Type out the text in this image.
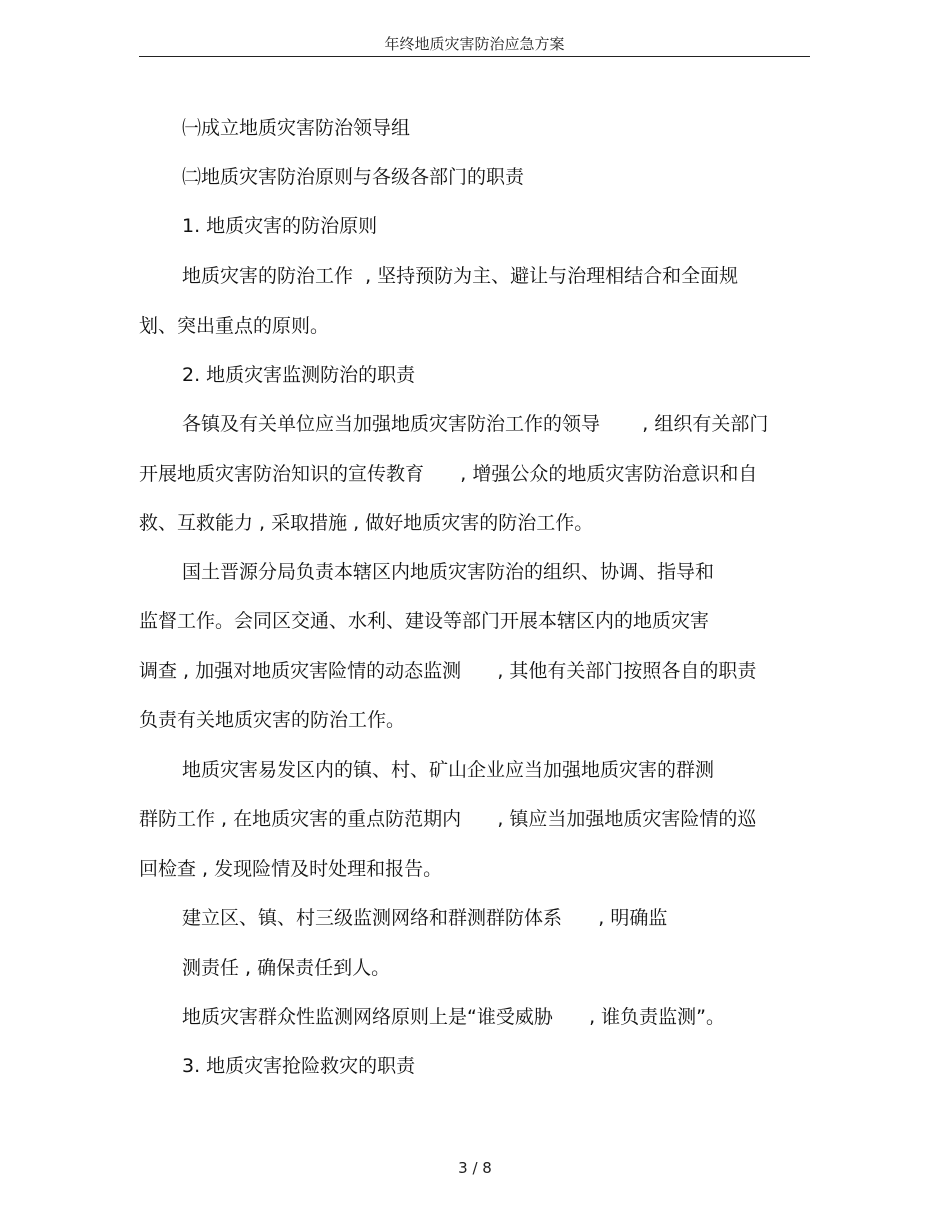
年终地质灾害防治应急方案
㈠成立地质灾害防治领导组
㈡地质灾害防治原则与各级各部门的职责
1. 地质灾害的防治原则
地质灾害的防治工作  , 坚持预防为主、避让与治理相结合和全面规
划、突出重点的原则。
2. 地质灾害监测防治的职责
各镇及有关单位应当加强地质灾害防治工作的领导       , 组织有关部门
开展地质灾害防治知识的宣传教育      , 增强公众的地质灾害防治意识和自
救、互救能力 , 采取措施 , 做好地质灾害的防治工作。
国土晋源分局负责本辖区内地质灾害防治的组织、协调、指导和
监督工作。会同区交通、水利、建设等部门开展本辖区内的地质灾害
调查 , 加强对地质灾害险情的动态监测      , 其他有关部门按照各自的职责
负责有关地质灾害的防治工作。
地质灾害易发区内的镇、村、矿山企业应当加强地质灾害的群测
群防工作 , 在地质灾害的重点防范期内      , 镇应当加强地质灾害险情的巡
回检查 , 发现险情及时处理和报告。
建立区、镇、村三级监测网络和群测群防体系      , 明确监
测责任 , 确保责任到人。
地质灾害群众性监测网络原则上是“谁受威胁      , 谁负责监测”。
3. 地质灾害抢险救灾的职责
3 / 8
